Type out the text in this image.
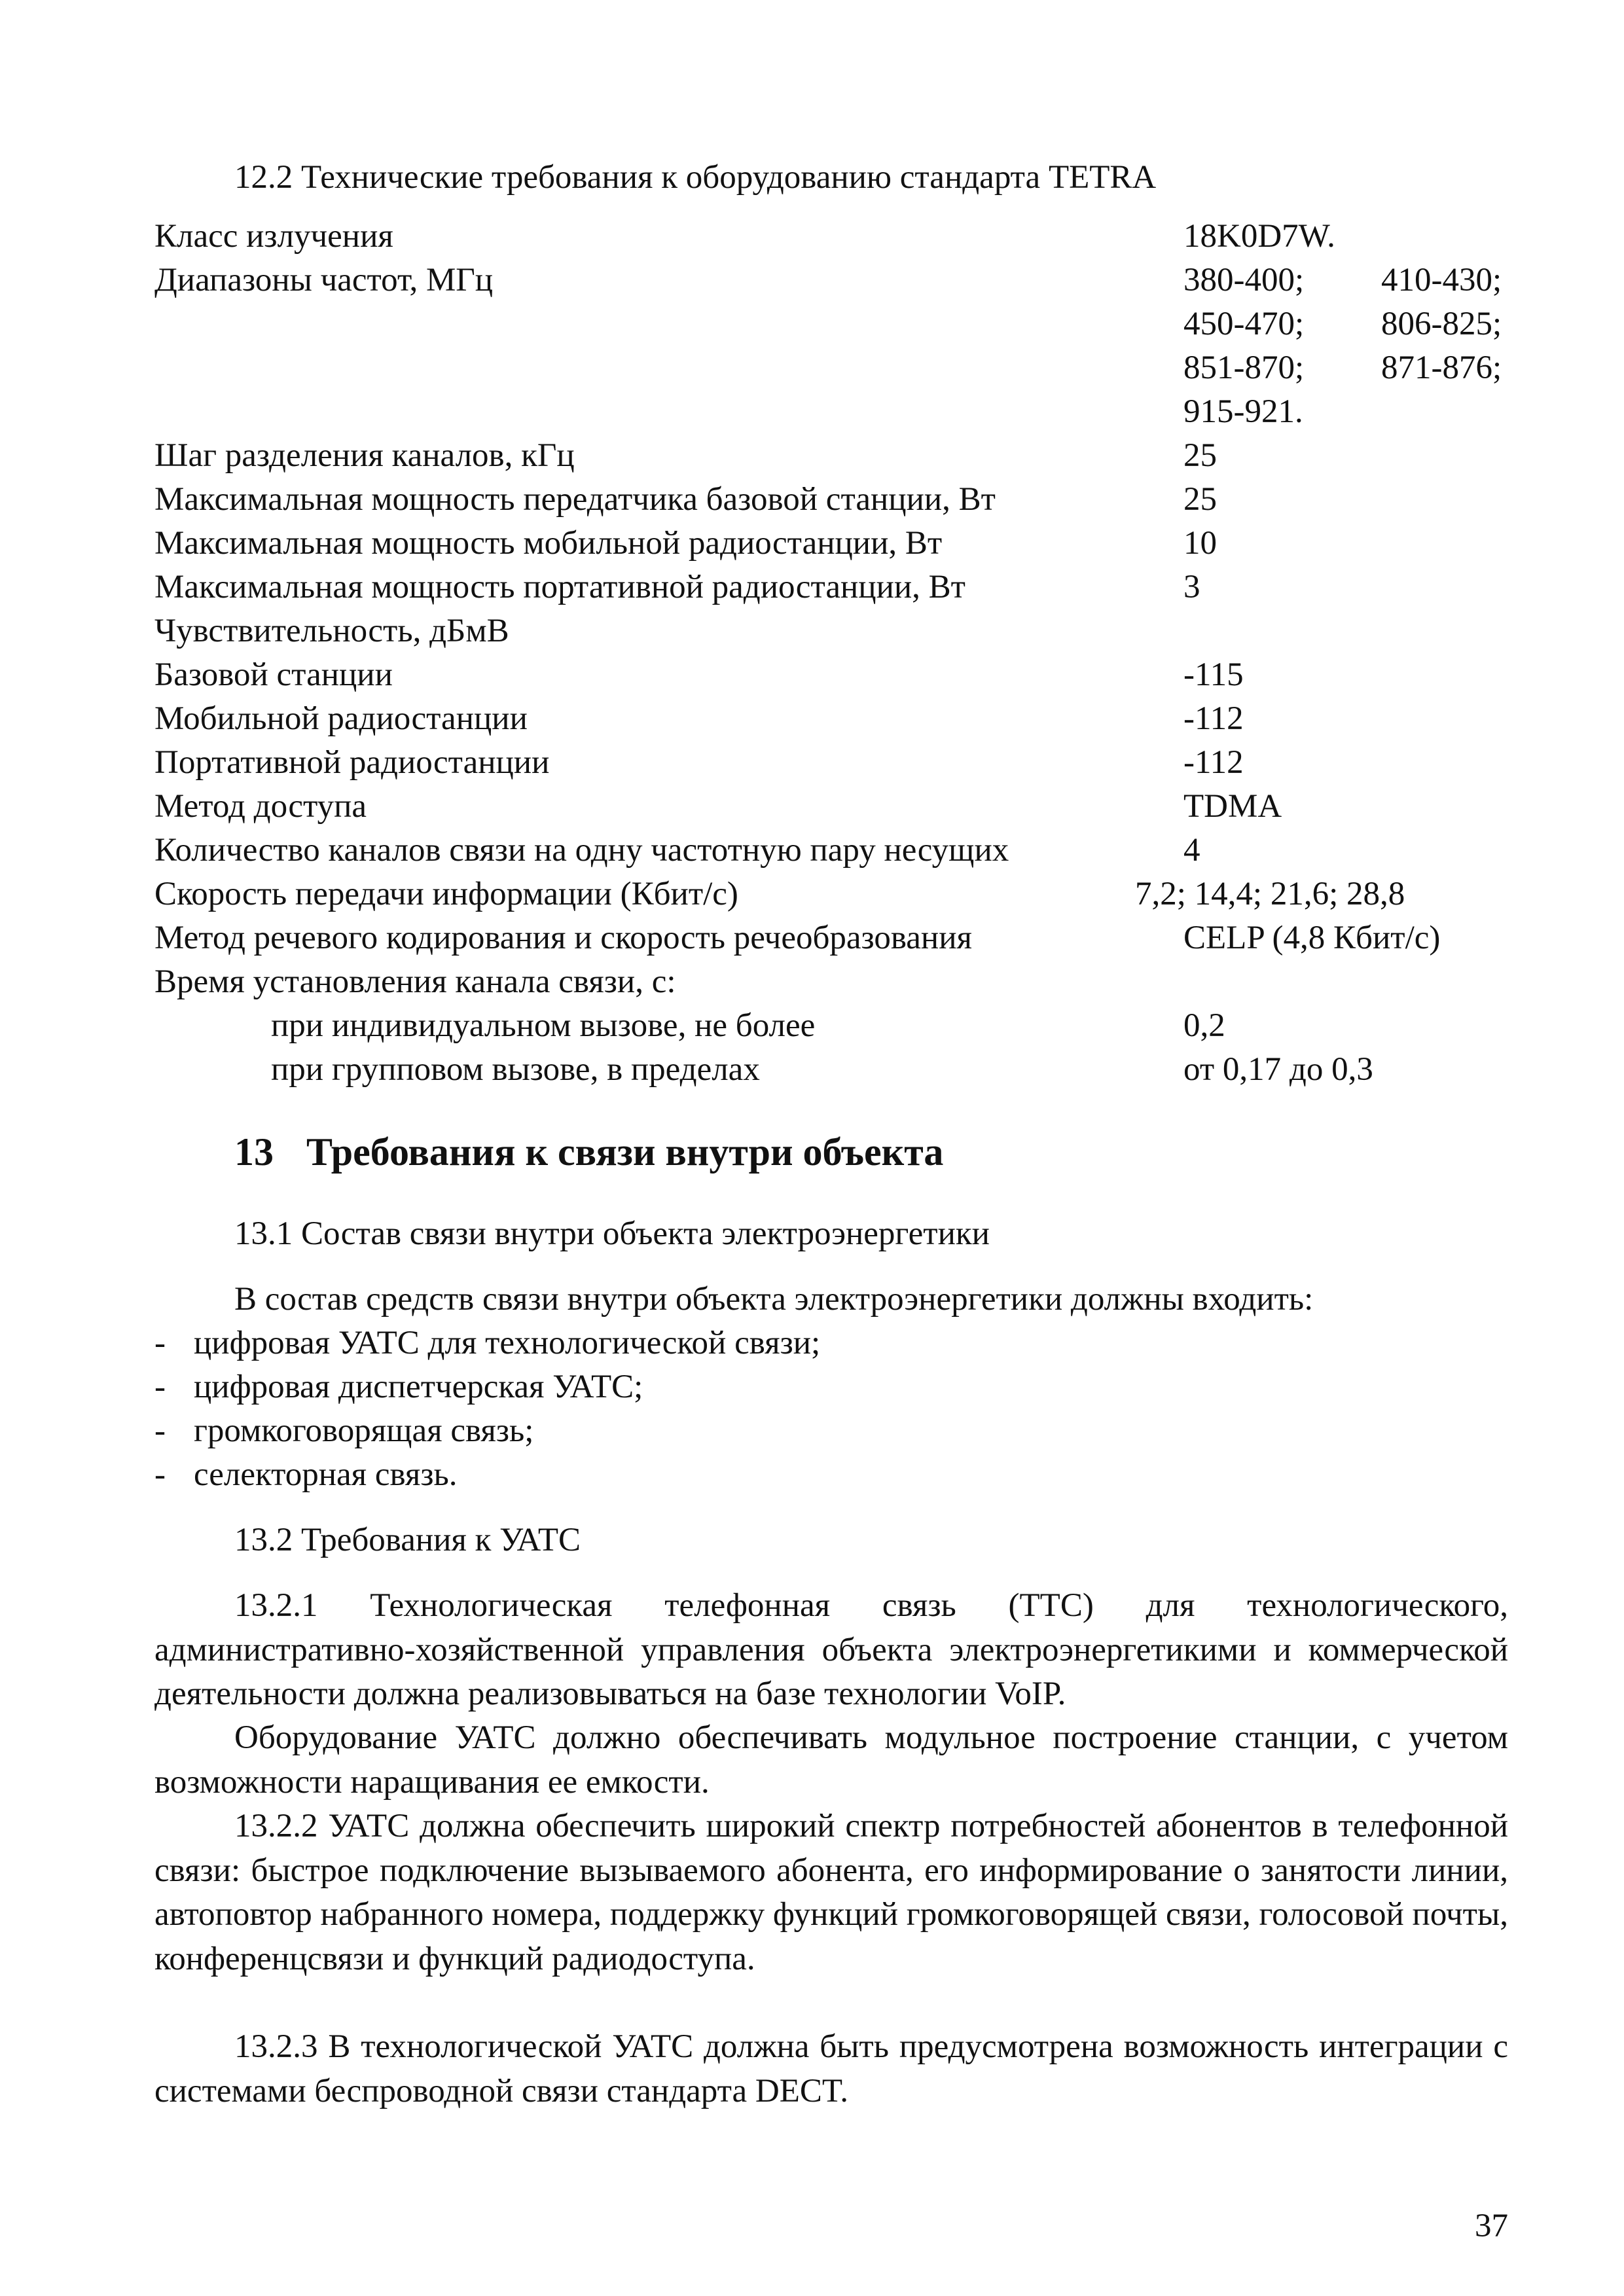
12.2 Технические требования к оборудованию стандарта TETRA
Класс излучения	18K0D7W.
Диапазоны частот, МГц	380-400; 410-430;
450-470; 806-825;
851-870; 871-876;
915-921.
Шаг разделения каналов, кГц	25
Максимальная мощность передатчика базовой станции, Вт	25
Максимальная мощность мобильной радиостанции, Вт	10
Максимальная мощность портативной радиостанции, Вт	3
Чувствительность, дБмВ
Базовой станции	-115
Мобильной радиостанции	-112
Портативной радиостанции	-112
Метод доступа	TDMA
Количество каналов связи на одну частотную пару несущих	4
Скорость передачи информации (Кбит/с)	7,2; 14,4; 21,6; 28,8
Метод речевого кодирования и скорость речеобразования	CELP (4,8 Кбит/с)
Время установления канала связи, с:
при индивидуальном вызове, не более	0,2
при групповом вызове, в пределах	от 0,17 до 0,3
13 Требования к связи внутри объекта
13.1 Состав связи внутри объекта электроэнергетики
В состав средств связи внутри объекта электроэнергетики должны входить:
- цифровая УАТС для технологической связи;
- цифровая диспетчерская УАТС;
- громкоговорящая связь;
- селекторная связь.
13.2 Требования к УАТС
13.2.1 Технологическая телефонная связь (ТТС) для технологического, административно-хозяйственной управления объекта электроэнергетикими и коммерческой деятельности должна реализовываться на базе технологии VoIP.
Оборудование УАТС должно обеспечивать модульное построение станции, с учетом возможности наращивания ее емкости.
13.2.2 УАТС должна обеспечить широкий спектр потребностей абонентов в телефонной связи: быстрое подключение вызываемого абонента, его информирование о занятости линии, автоповтор набранного номера, поддержку функций громкоговорящей связи, голосовой почты, конференцсвязи и функций радиодоступа.
13.2.3 В технологической УАТС должна быть предусмотрена возможность интеграции с системами беспроводной связи стандарта DECT.
37
